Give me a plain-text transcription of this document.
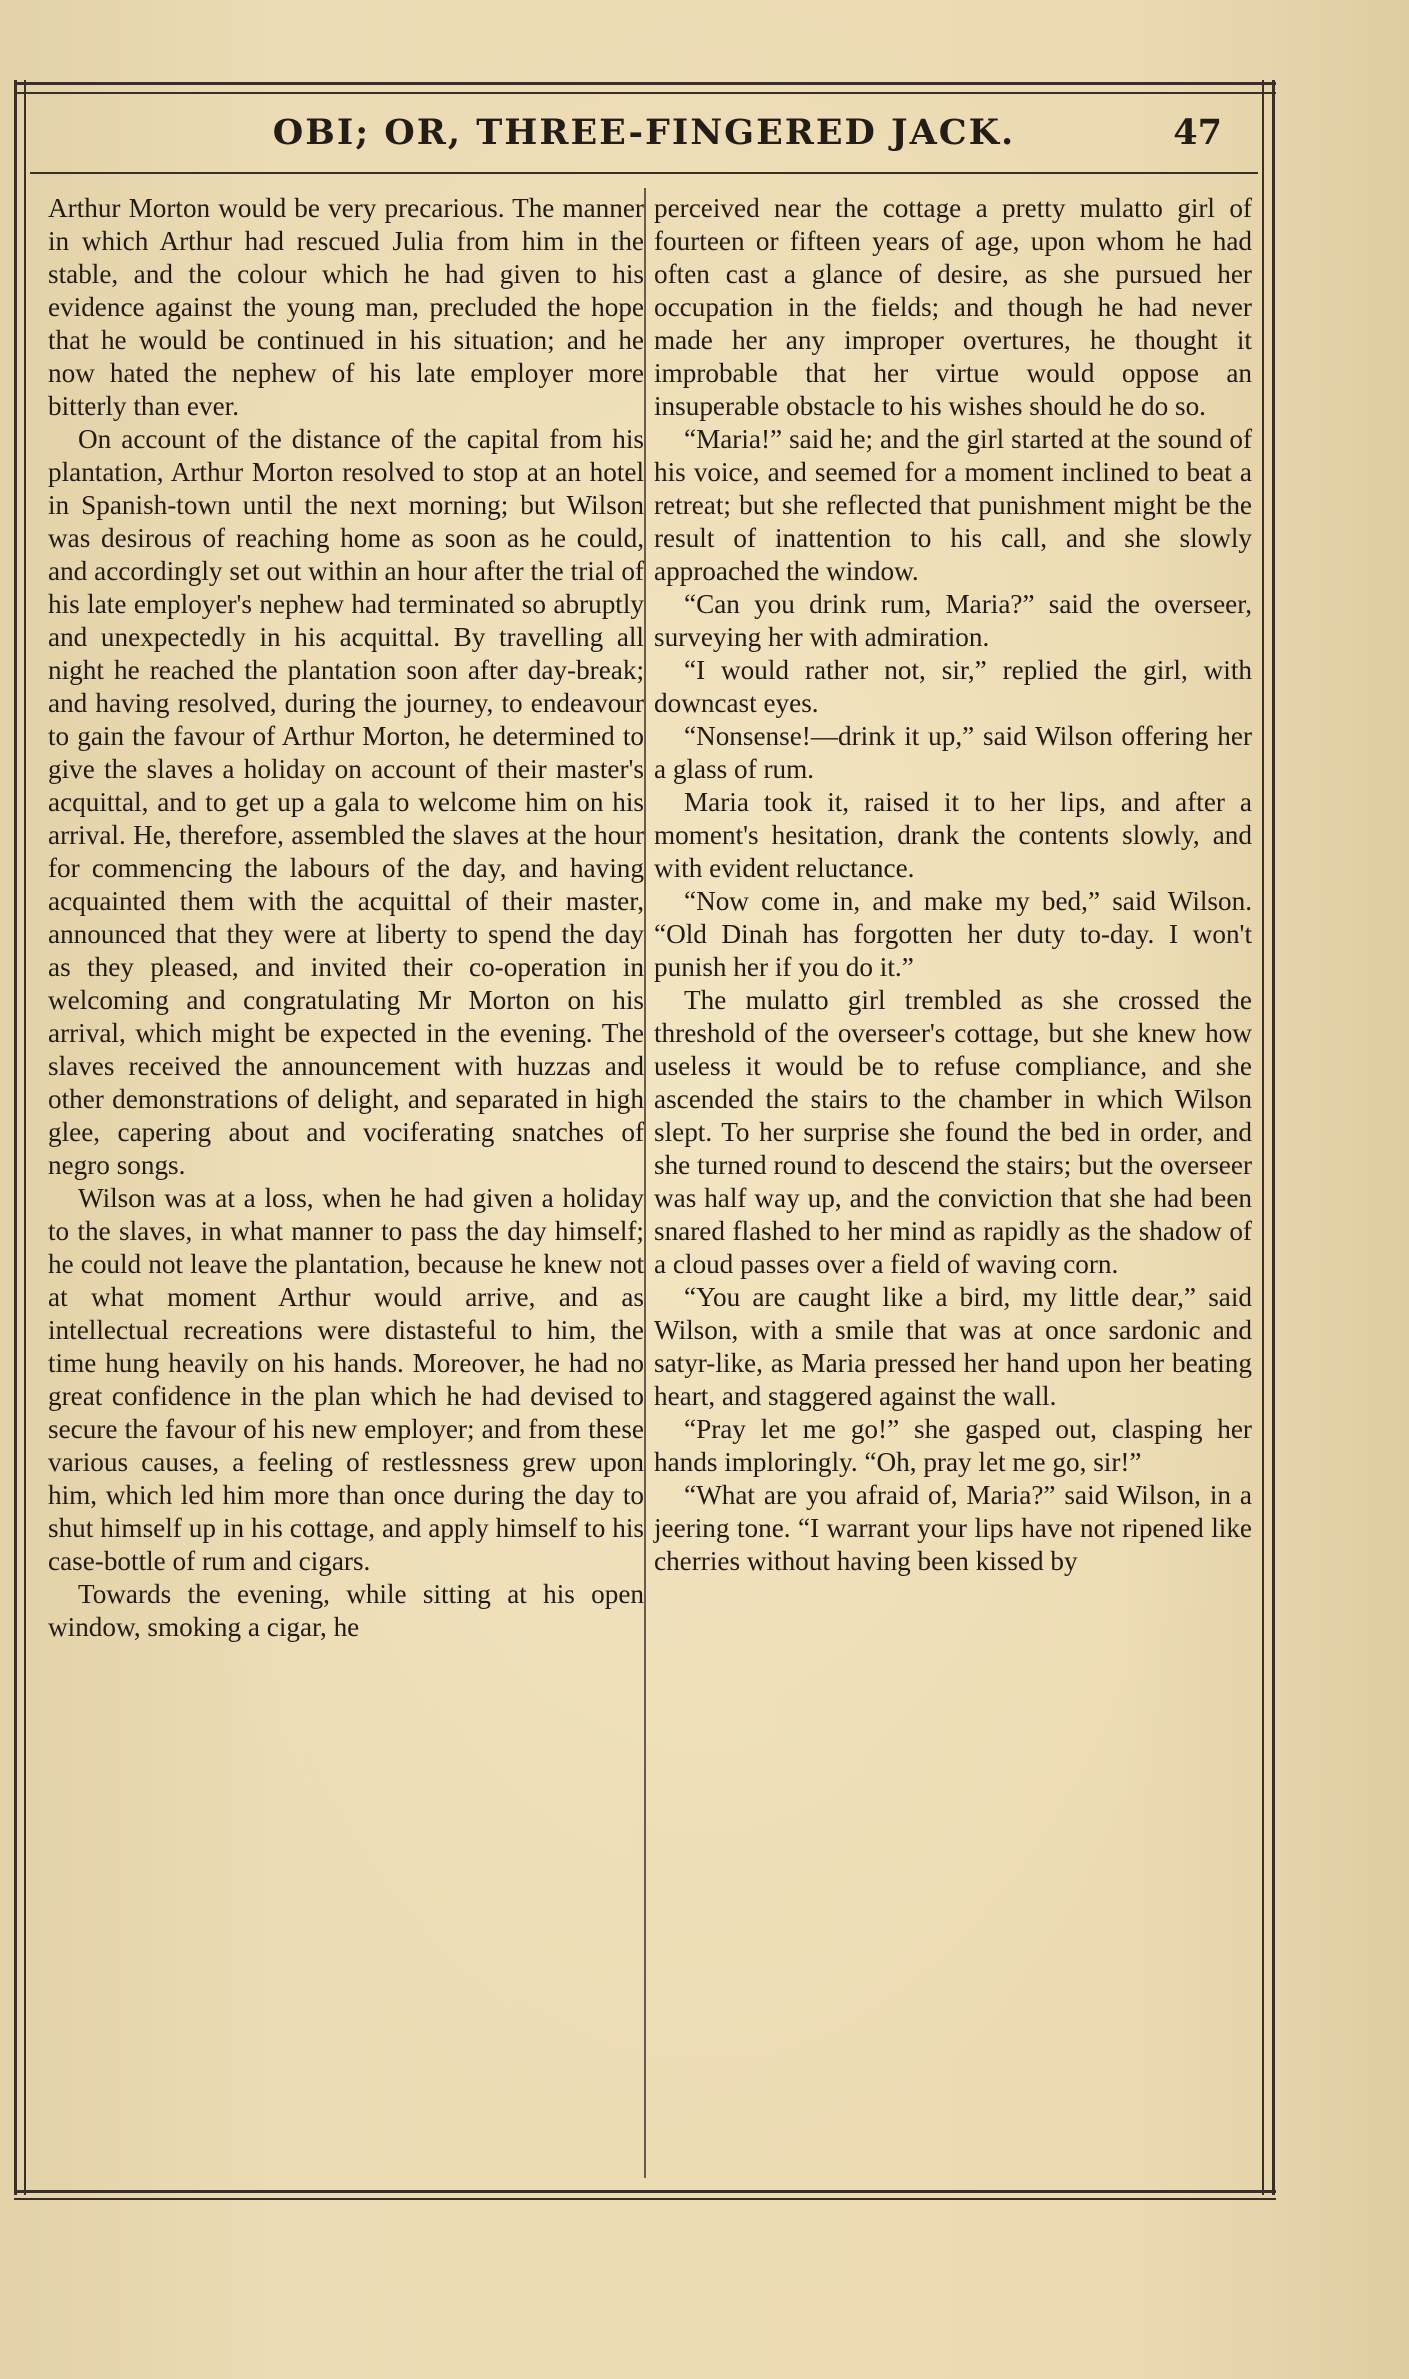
OBI; OR, THREE-FINGERED JACK.	47

Arthur Morton would be very precarious. The manner in which Arthur had rescued Julia from him in the stable, and the colour which he had given to his evidence against the young man, precluded the hope that he would be continued in his situation; and he now hated the nephew of his late employer more bitterly than ever.

On account of the distance of the capital from his plantation, Arthur Morton resolved to stop at an hotel in Spanish-town until the next morning; but Wilson was desirous of reaching home as soon as he could, and accordingly set out within an hour after the trial of his late employer's nephew had terminated so abruptly and unexpectedly in his acquittal. By travelling all night he reached the plantation soon after day-break; and having resolved, during the journey, to endeavour to gain the favour of Arthur Morton, he determined to give the slaves a holiday on account of their master's acquittal, and to get up a gala to welcome him on his arrival. He, therefore, assembled the slaves at the hour for commencing the labours of the day, and having acquainted them with the acquittal of their master, announced that they were at liberty to spend the day as they pleased, and invited their co-operation in welcoming and congratulating Mr Morton on his arrival, which might be expected in the evening. The slaves received the announcement with huzzas and other demonstrations of delight, and separated in high glee, capering about and vociferating snatches of negro songs.

Wilson was at a loss, when he had given a holiday to the slaves, in what manner to pass the day himself; he could not leave the plantation, because he knew not at what moment Arthur would arrive, and as intellectual recreations were distasteful to him, the time hung heavily on his hands. Moreover, he had no great confidence in the plan which he had devised to secure the favour of his new employer; and from these various causes, a feeling of restlessness grew upon him, which led him more than once during the day to shut himself up in his cottage, and apply himself to his case-bottle of rum and cigars.

Towards the evening, while sitting at his open window, smoking a cigar, he

perceived near the cottage a pretty mulatto girl of fourteen or fifteen years of age, upon whom he had often cast a glance of desire, as she pursued her occupation in the fields; and though he had never made her any improper overtures, he thought it improbable that her virtue would oppose an insuperable obstacle to his wishes should he do so.

“Maria!” said he; and the girl started at the sound of his voice, and seemed for a moment inclined to beat a retreat; but she reflected that punishment might be the result of inattention to his call, and she slowly approached the window.

“Can you drink rum, Maria?” said the overseer, surveying her with admiration.

“I would rather not, sir,” replied the girl, with downcast eyes.

“Nonsense!—drink it up,” said Wilson offering her a glass of rum.

Maria took it, raised it to her lips, and after a moment's hesitation, drank the contents slowly, and with evident reluctance.

“Now come in, and make my bed,” said Wilson. “Old Dinah has forgotten her duty to-day. I won't punish her if you do it.”

The mulatto girl trembled as she crossed the threshold of the overseer's cottage, but she knew how useless it would be to refuse compliance, and she ascended the stairs to the chamber in which Wilson slept. To her surprise she found the bed in order, and she turned round to descend the stairs; but the overseer was half way up, and the conviction that she had been snared flashed to her mind as rapidly as the shadow of a cloud passes over a field of waving corn.

“You are caught like a bird, my little dear,” said Wilson, with a smile that was at once sardonic and satyr-like, as Maria pressed her hand upon her beating heart, and staggered against the wall.

“Pray let me go!” she gasped out, clasping her hands imploringly. “Oh, pray let me go, sir!”

“What are you afraid of, Maria?” said Wilson, in a jeering tone. “I warrant your lips have not ripened like cherries without having been kissed by
